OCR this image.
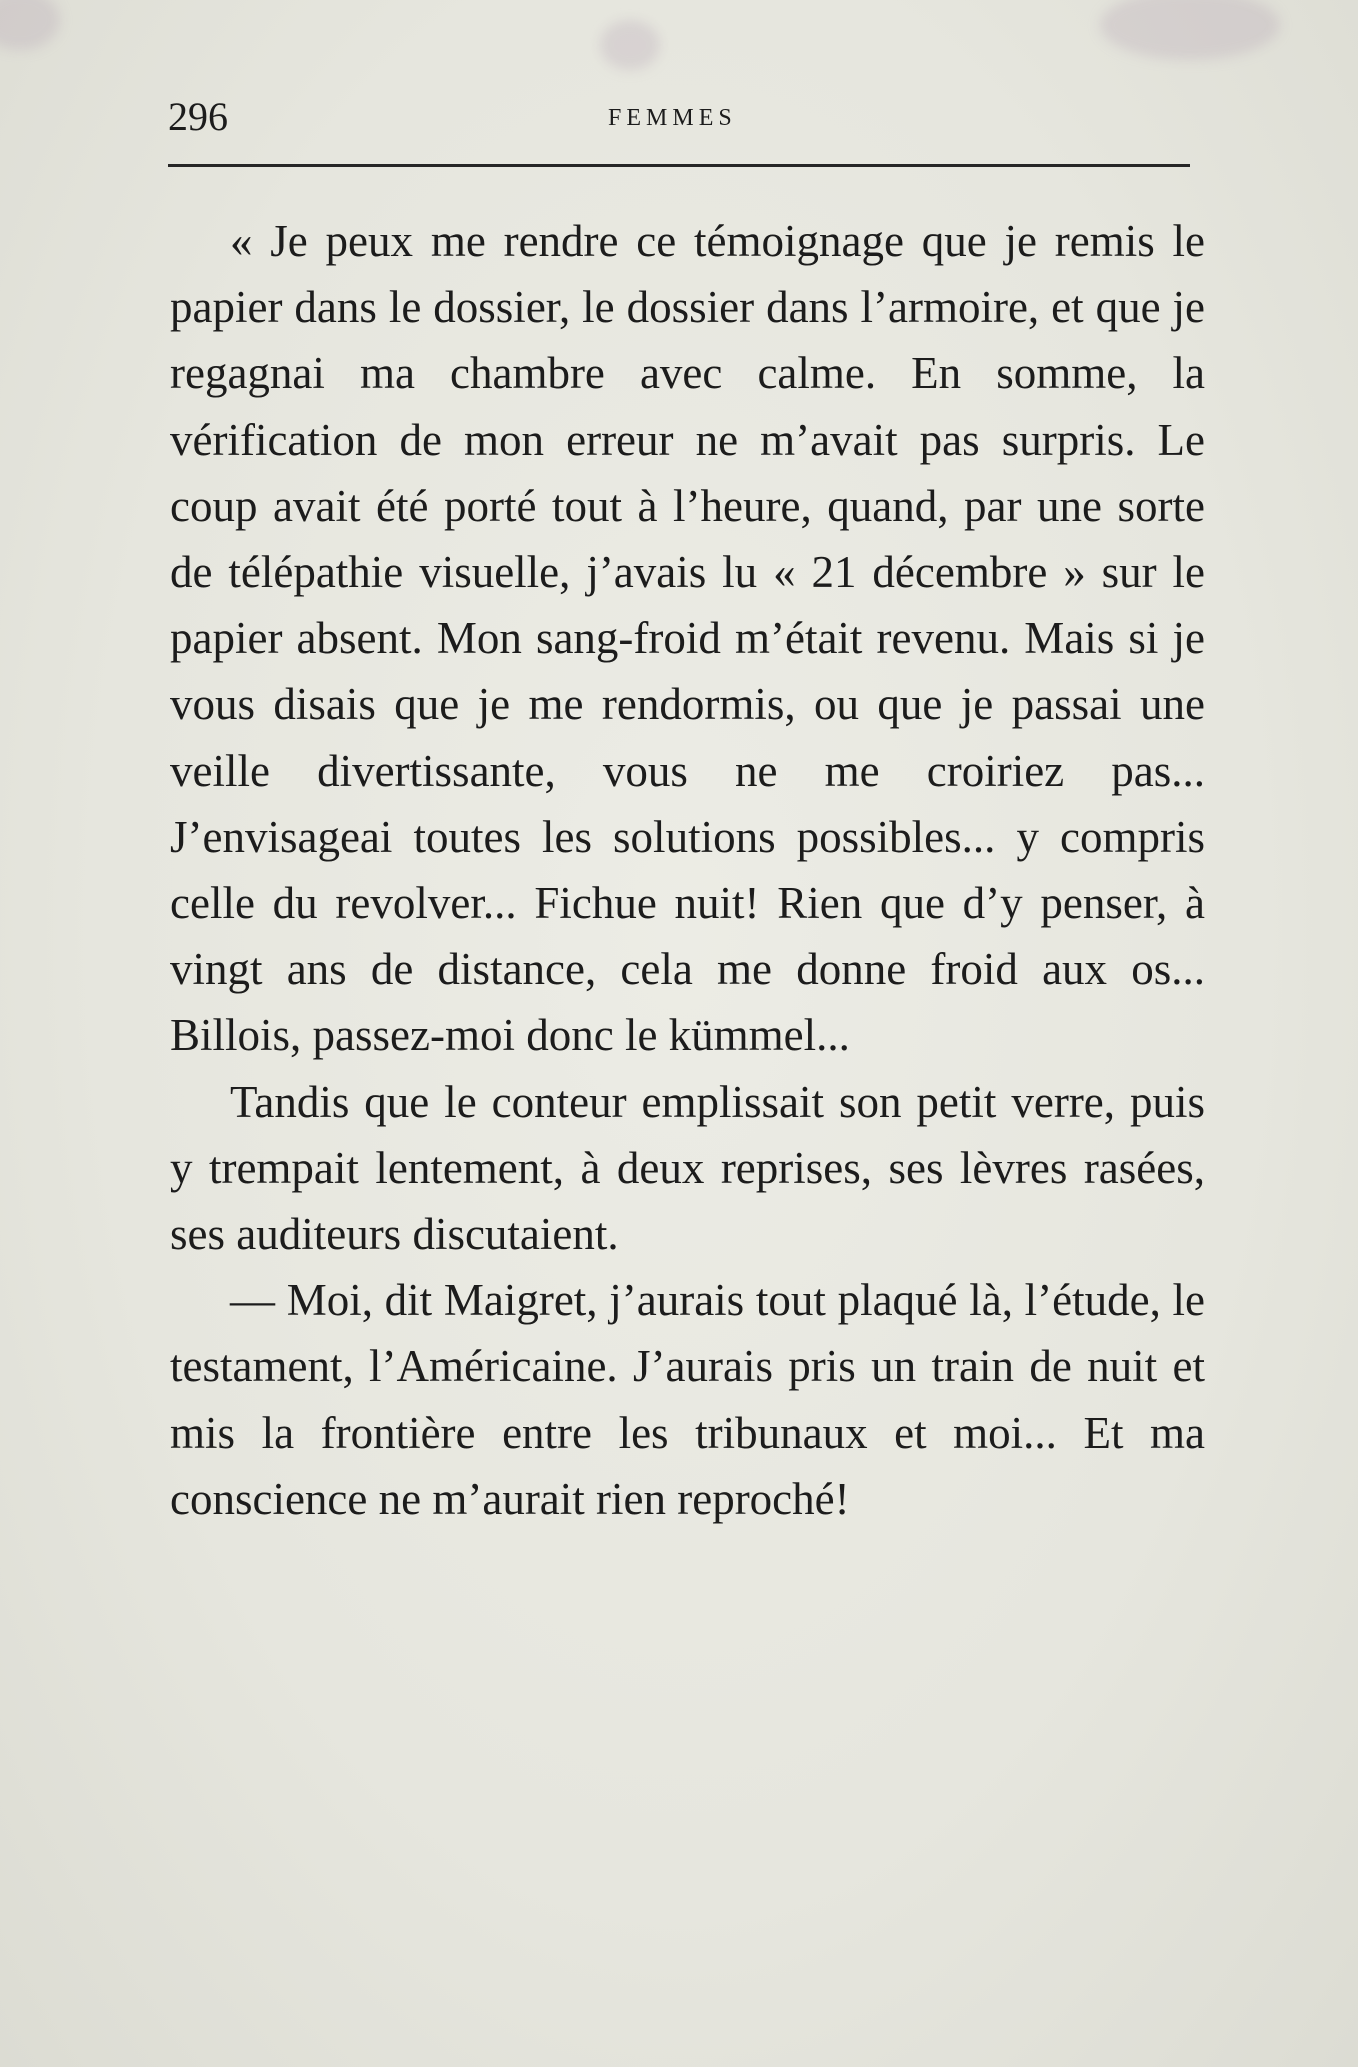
296	FEMMES

« Je peux me rendre ce témoignage que je remis le papier dans le dossier, le dossier dans l’armoire, et que je regagnai ma chambre avec calme. En somme, la vérification de mon erreur ne m’avait pas surpris. Le coup avait été porté tout à l’heure, quand, par une sorte de télépathie visuelle, j’avais lu « 21 décembre » sur le papier absent. Mon sang-froid m’était revenu. Mais si je vous disais que je me rendormis, ou que je passai une veille divertissante, vous ne me croiriez pas... J’envisageai toutes les solutions possibles... y compris celle du revolver... Fichue nuit! Rien que d’y penser, à vingt ans de distance, cela me donne froid aux os... Billois, passez-moi donc le kümmel...

Tandis que le conteur emplissait son petit verre, puis y trempait lentement, à deux reprises, ses lèvres rasées, ses auditeurs discutaient.

— Moi, dit Maigret, j’aurais tout plaqué là, l’étude, le testament, l’Américaine. J’aurais pris un train de nuit et mis la frontière entre les tribunaux et moi... Et ma conscience ne m’aurait rien reproché!
